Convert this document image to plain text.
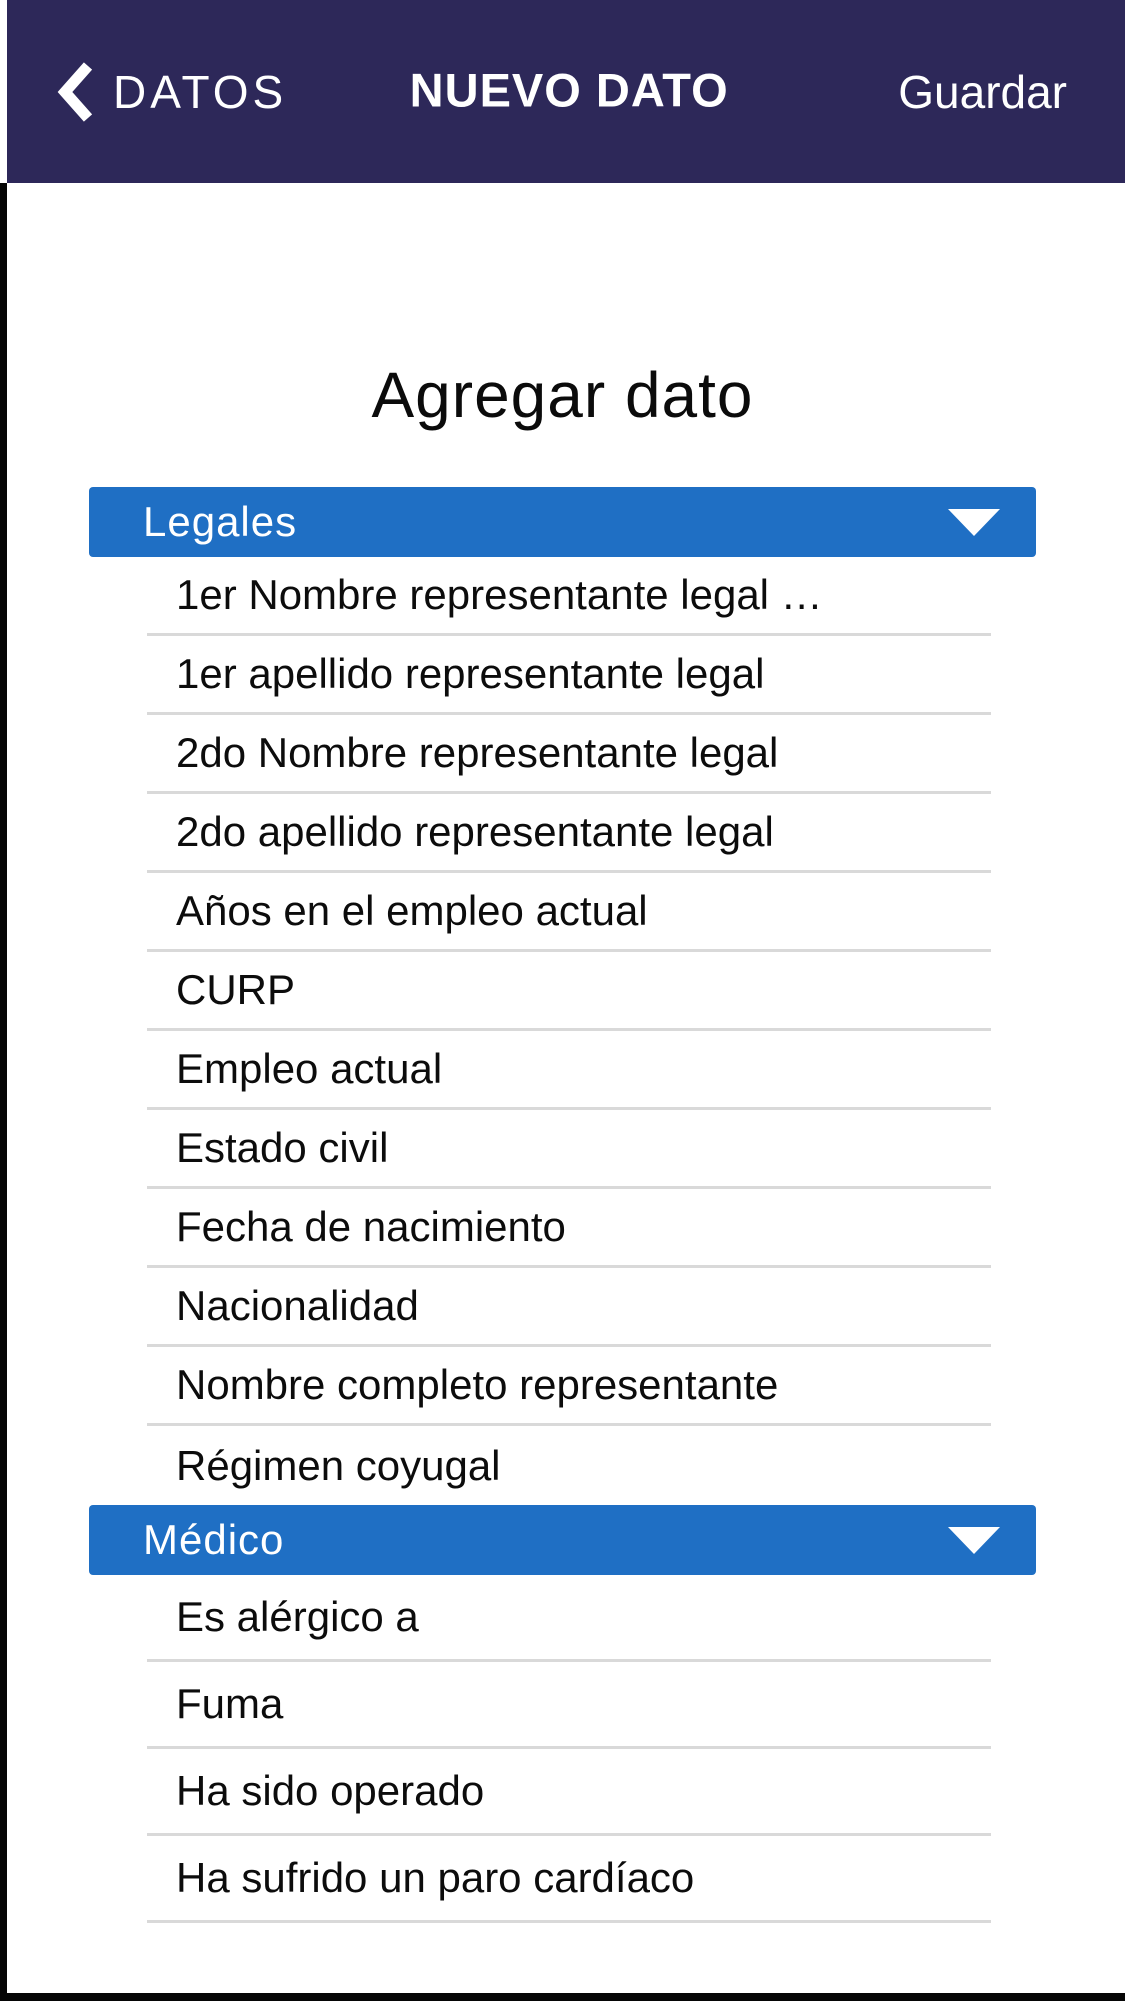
DATOS	NUEVO DATO	Guardar
Agregar dato
Legales
1er Nombre representante legal …
1er apellido representante legal
2do Nombre representante legal
2do apellido representante legal
Años en el empleo actual
CURP
Empleo actual
Estado civil
Fecha de nacimiento
Nacionalidad
Nombre completo representante
Régimen coyugal
Médico
Es alérgico a
Fuma
Ha sido operado
Ha sufrido un paro cardíaco
